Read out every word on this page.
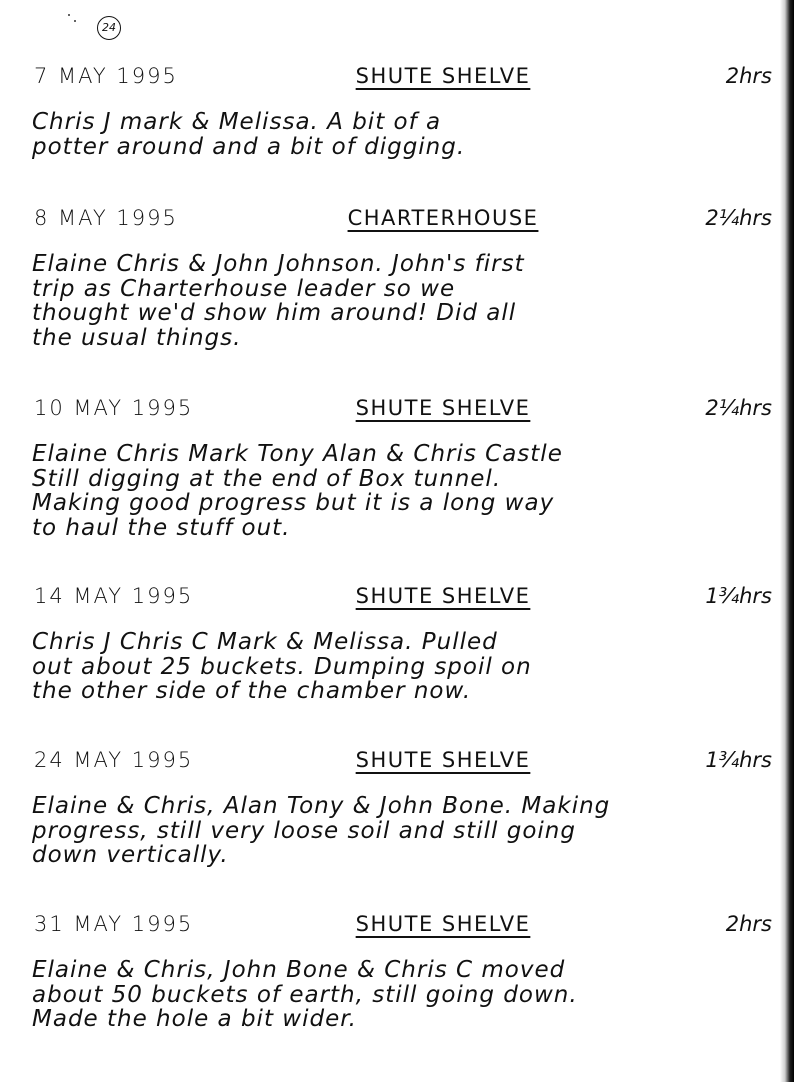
24
7 MAY 1995	SHUTE SHELVE	2hrs
Chris J mark & Melissa. A bit of a
potter around and a bit of digging.
8 MAY 1995	CHARTERHOUSE	2¼hrs
Elaine Chris & John Johnson. John's first
trip as Charterhouse leader so we
thought we'd show him around! Did all
the usual things.
10 MAY 1995	SHUTE SHELVE	2¼hrs
Elaine Chris Mark Tony Alan & Chris Castle
Still digging at the end of Box tunnel.
Making good progress but it is a long way
to haul the stuff out.
14 MAY 1995	SHUTE SHELVE	1¾hrs
Chris J Chris C Mark & Melissa. Pulled
out about 25 buckets. Dumping spoil on
the other side of the chamber now.
24 MAY 1995	SHUTE SHELVE	1¾hrs
Elaine & Chris, Alan Tony & John Bone. Making
progress, still very loose soil and still going
down vertically.
31 MAY 1995	SHUTE SHELVE	2hrs
Elaine & Chris, John Bone & Chris C moved
about 50 buckets of earth, still going down.
Made the hole a bit wider.
